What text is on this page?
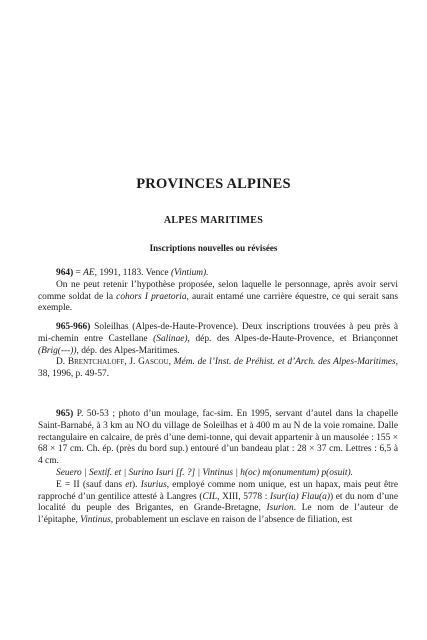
PROVINCES ALPINES
ALPES MARITIMES
Inscriptions nouvelles ou révisées

964) = AE, 1991, 1183. Vence (Vintium).

On ne peut retenir l’hypothèse proposée, selon laquelle le personnage, après avoir servi comme soldat de la cohors I praetoria, aurait entamé une carrière équestre, ce qui serait sans exemple.

965-966) Soleilhas (Alpes-de-Haute-Provence). Deux inscriptions trouvées à peu près à mi-chemin entre Castellane (Salinae), dép. des Alpes-de-Haute-Provence, et Briançonnet (Brig(---)), dép. des Alpes-Maritimes.

D. Brentchaloff, J. Gascou, Mém. de l’Inst. de Préhist. et d’Arch. des Alpes-Maritimes, 38, 1996, p. 49-57.

965) P. 50-53 ; photo d’un moulage, fac-sim. En 1995, servant d’autel dans la chapelle Saint-Barnabé, à 3 km au NO du village de Soleilhas et à 400 m au N de la voie romaine. Dalle rectangulaire en calcaire, de près d’une demi-tonne, qui devait appartenir à un mausolée : 155 × 68 × 17 cm. Ch. ép. (près du bord sup.) entouré d’un bandeau plat : 28 × 37 cm. Lettres : 6,5 à 4 cm.

Seuero | Sextif. et | Surino Isuri [f. ?] | Vintinus | h(oc) m(onumentum) p(osuit).

E = II (sauf dans et). Isurius, employé comme nom unique, est un hapax, mais peut être rapproché d’un gentilice attesté à Langres (CIL, XIII, 5778 : Isur(ia) Flau(a)) et du nom d’une localité du peuple des Brigantes, en Grande-Bretagne, Isurion. Le nom de l’auteur de l’épitaphe, Vintinus, probablement un esclave en raison de l’absence de filiation, est
